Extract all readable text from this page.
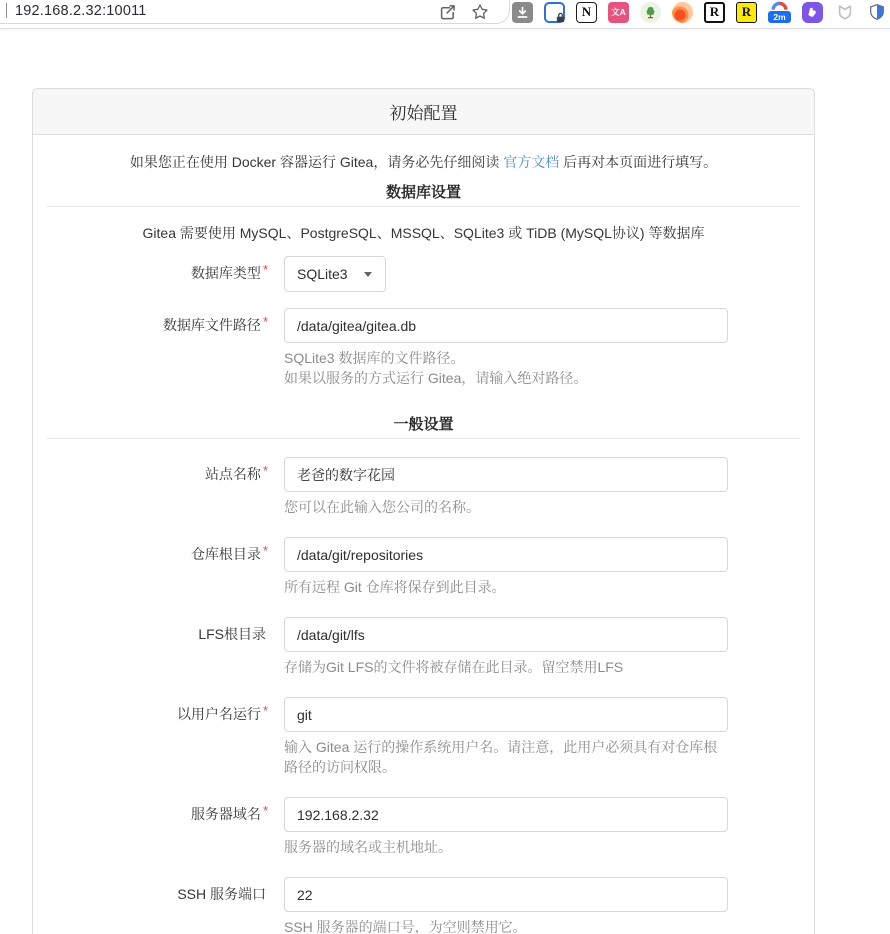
192.168.2.32:10011	N	文A	R	R	2m
初始配置
如果您正在使用 Docker 容器运行 Gitea，请务必先仔细阅读 官方文档 后再对本页面进行填写。
数据库设置
Gitea 需要使用 MySQL、PostgreSQL、MSSQL、SQLite3 或 TiDB (MySQL协议) 等数据库
数据库类型 *	SQLite3
数据库文件路径 *
/data/gitea/gitea.db
SQLite3 数据库的文件路径。
如果以服务的方式运行 Gitea，请输入绝对路径。
一般设置
站点名称 *
老爸的数字花园
您可以在此输入您公司的名称。
仓库根目录 *
/data/git/repositories
所有远程 Git 仓库将保存到此目录。
LFS根目录
/data/git/lfs
存储为Git LFS的文件将被存储在此目录。留空禁用LFS
以用户名运行 *
git
输入 Gitea 运行的操作系统用户名。请注意，此用户必须具有对仓库根路径的访问权限。
服务器域名 *
192.168.2.32
服务器的域名或主机地址。
SSH 服务端口
22
SSH 服务器的端口号，为空则禁用它。
